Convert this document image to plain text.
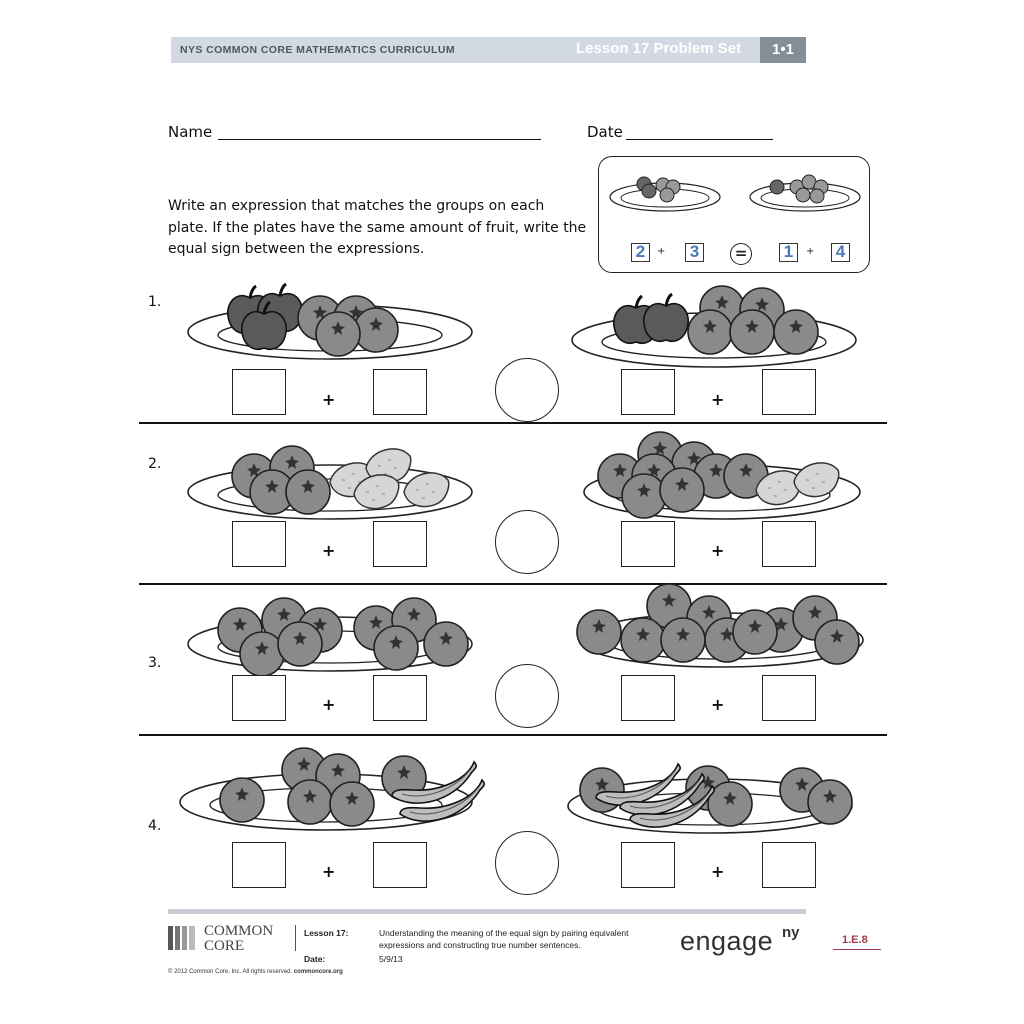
NYS COMMON CORE MATHEMATICS CURRICULUM	Lesson 17 Problem Set	1•1
Name	Date
Write an expression that matches the groups on each plate. If the plates have the same amount of fruit, write the equal sign between the expressions.	2	+ 3	= 1	+ 4
1.
+	+
2.
+	+
3.
+	+
4.
+	+
COMMON
CORE
Lesson 17:	Understanding the meaning of the equal sign by pairing equivalent
expressions and constructing true number sentences.
Date:	5/9/13
© 2012 Common Core, Inc. All rights reserved. commoncore.org
engage ny	1.E.8
